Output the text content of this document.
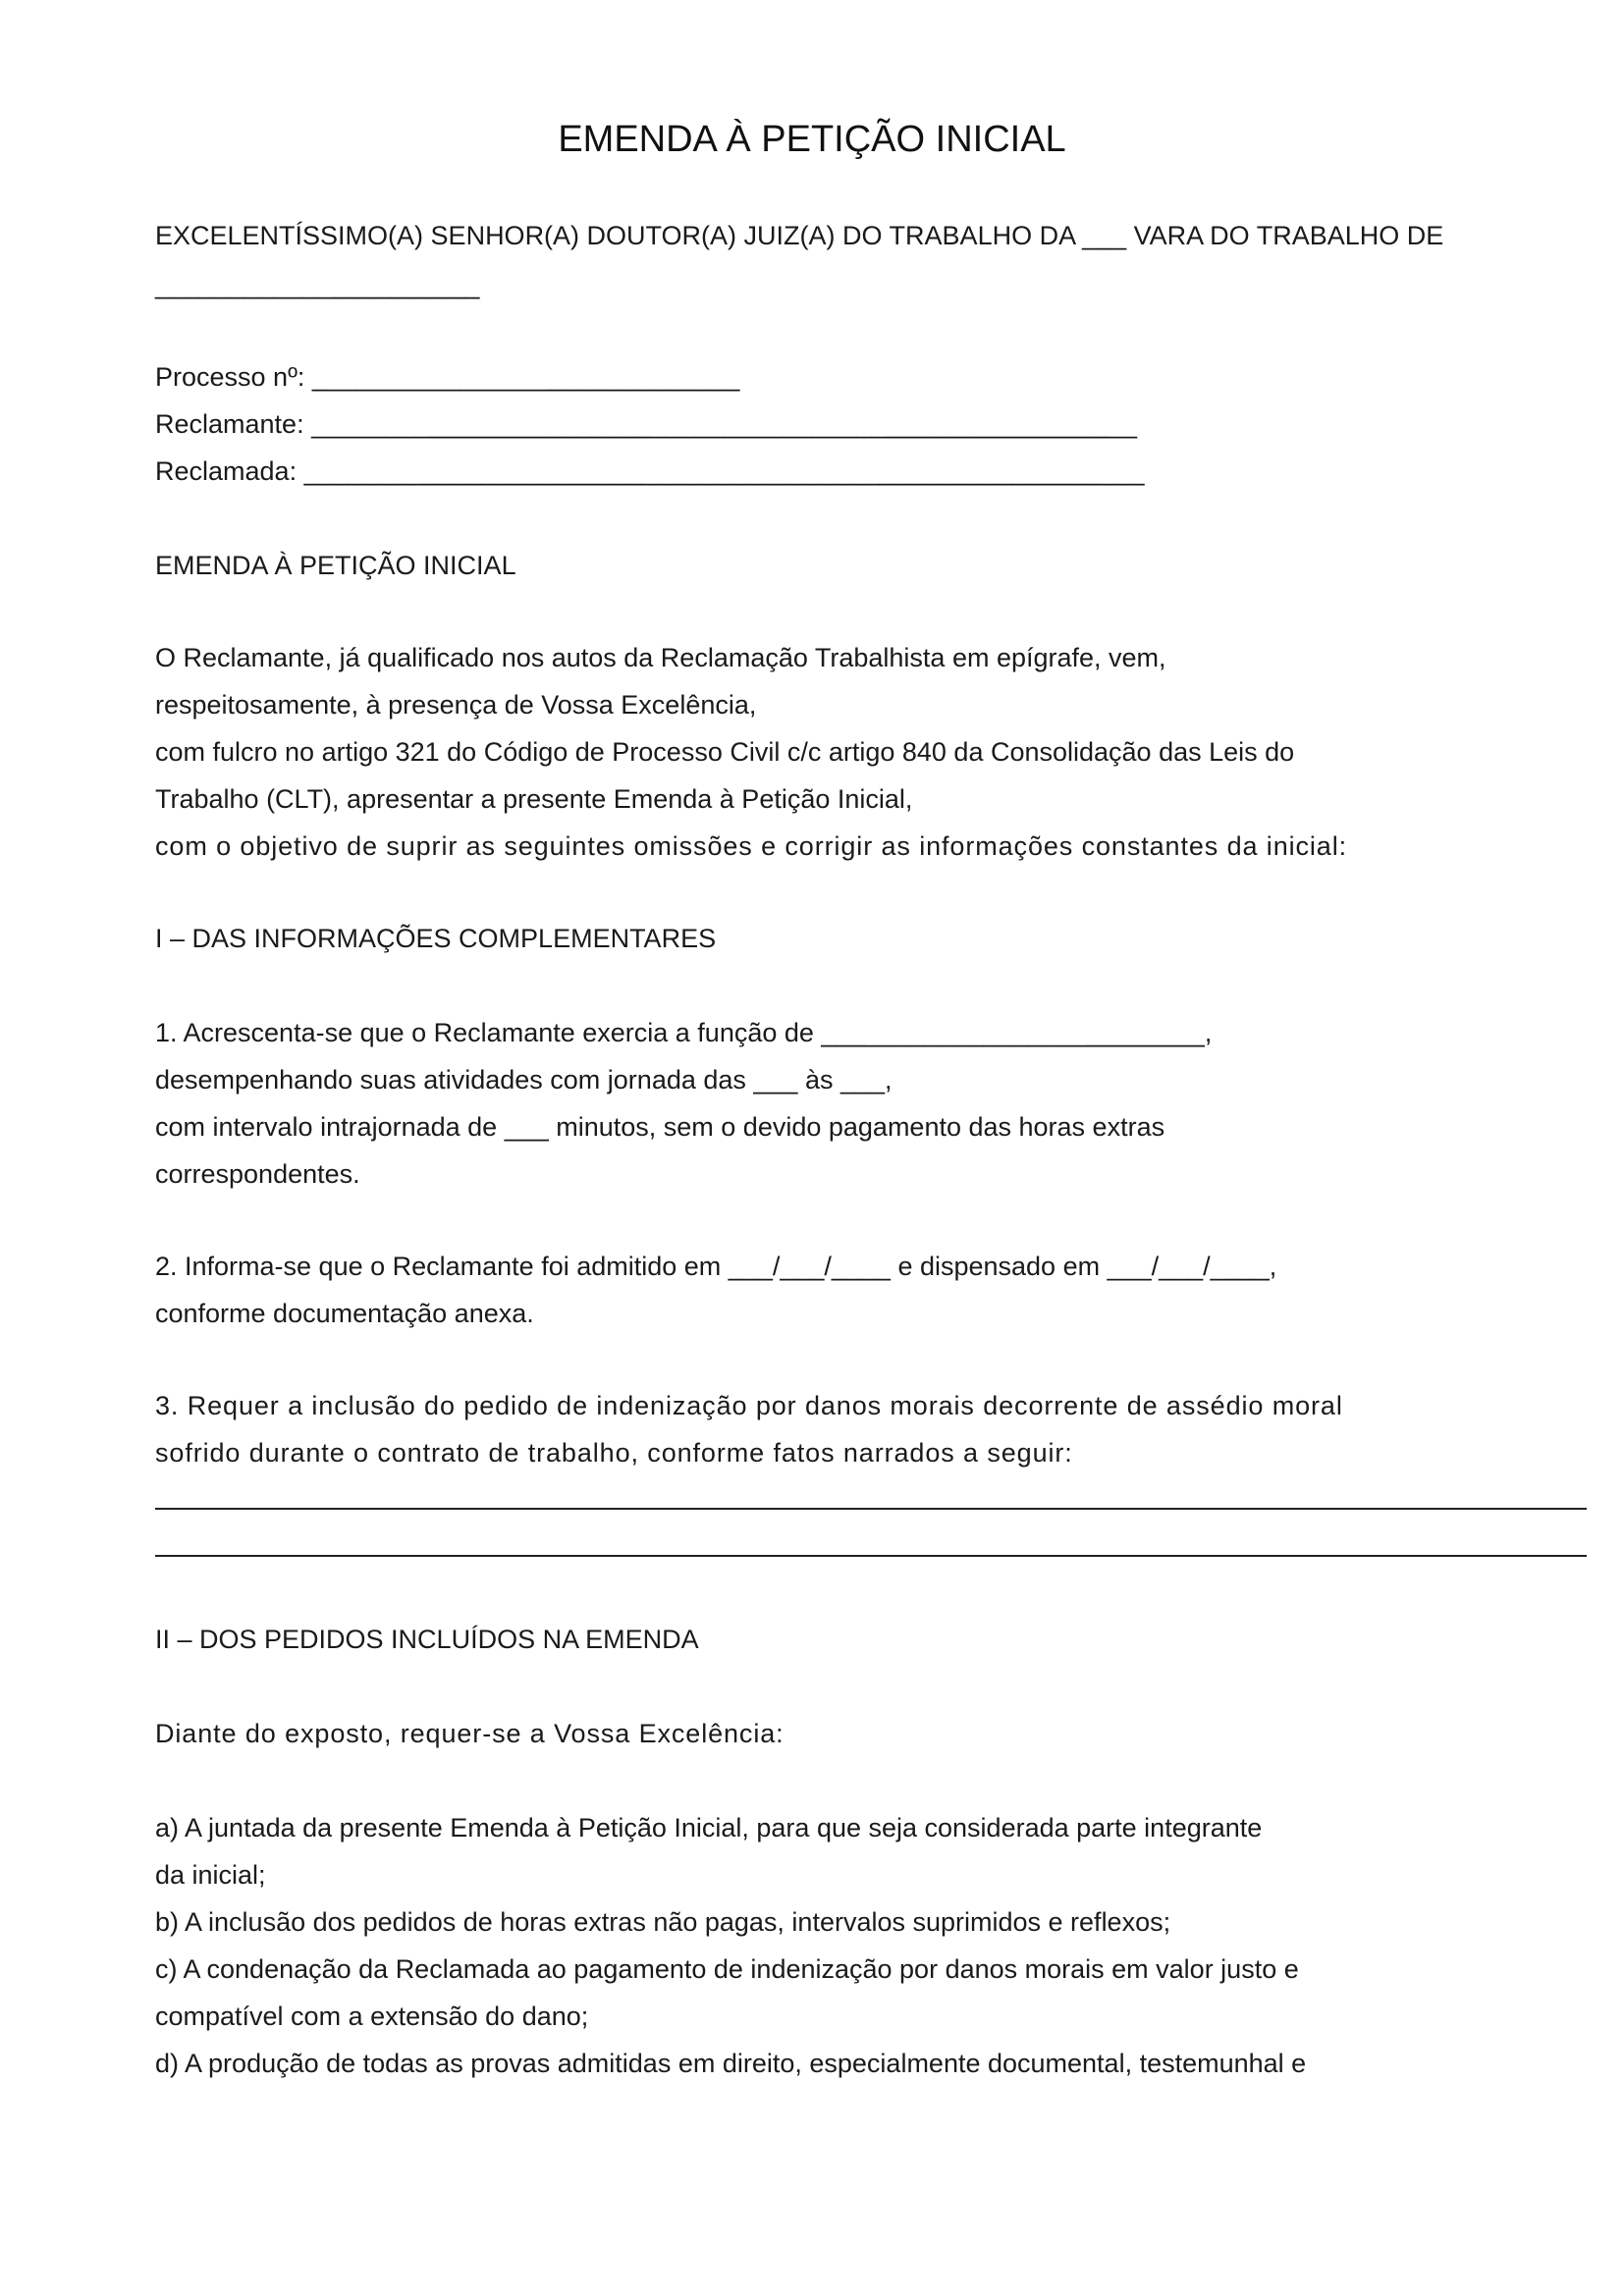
EMENDA À PETIÇÃO INICIAL
EXCELENTÍSSIMO(A) SENHOR(A) DOUTOR(A) JUIZ(A) DO TRABALHO DA ___ VARA DO TRABALHO DE
______________________
Processo nº: _____________________________
Reclamante: ________________________________________________________
Reclamada: _________________________________________________________
EMENDA À PETIÇÃO INICIAL
O Reclamante, já qualificado nos autos da Reclamação Trabalhista em epígrafe, vem,
respeitosamente, à presença de Vossa Excelência,
com fulcro no artigo 321 do Código de Processo Civil c/c artigo 840 da Consolidação das Leis do
Trabalho (CLT), apresentar a presente Emenda à Petição Inicial,
com o objetivo de suprir as seguintes omissões e corrigir as informações constantes da inicial:
I – DAS INFORMAÇÕES COMPLEMENTARES
1. Acrescenta-se que o Reclamante exercia a função de __________________________,
desempenhando suas atividades com jornada das ___ às ___,
com intervalo intrajornada de ___ minutos, sem o devido pagamento das horas extras
correspondentes.
2. Informa-se que o Reclamante foi admitido em ___/___/____ e dispensado em ___/___/____,
conforme documentação anexa.
3. Requer a inclusão do pedido de indenização por danos morais decorrente de assédio moral
sofrido durante o contrato de trabalho, conforme fatos narrados a seguir:
II – DOS PEDIDOS INCLUÍDOS NA EMENDA
Diante do exposto, requer-se a Vossa Excelência:
a) A juntada da presente Emenda à Petição Inicial, para que seja considerada parte integrante
da inicial;
b) A inclusão dos pedidos de horas extras não pagas, intervalos suprimidos e reflexos;
c) A condenação da Reclamada ao pagamento de indenização por danos morais em valor justo e
compatível com a extensão do dano;
d) A produção de todas as provas admitidas em direito, especialmente documental, testemunhal e
